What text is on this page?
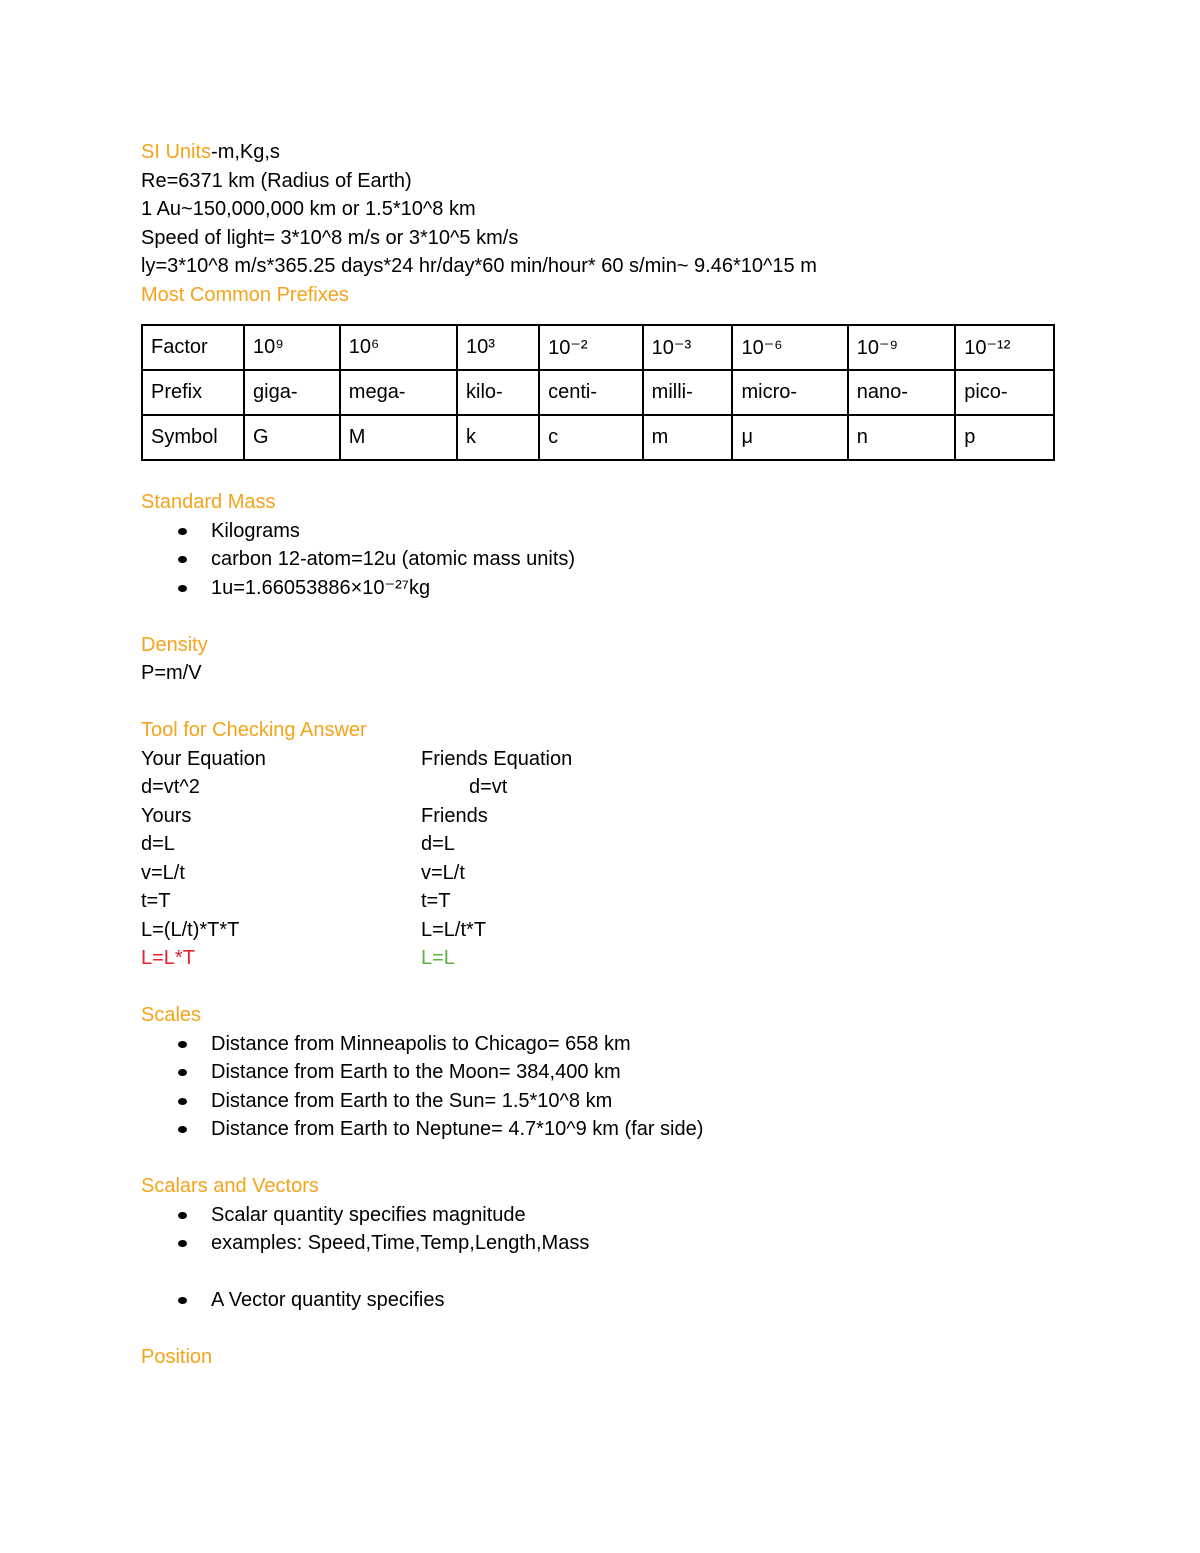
SI Units-m,Kg,s
Re=6371 km (Radius of Earth)
1 Au~150,000,000 km or 1.5*10^8 km
Speed of light= 3*10^8 m/s or 3*10^5 km/s
ly=3*10^8 m/s*365.25 days*24 hr/day*60 min/hour* 60 s/min~ 9.46*10^15 m
Most Common Prefixes
Factor	10⁹	10⁶	10³	10⁻²	10⁻³	10⁻⁶	10⁻⁹	10⁻¹²
Prefix	giga-	mega-	kilo-	centi-	milli-	micro-	nano-	pico-
Symbol	G	M	k	c	m	μ	n	p
Standard Mass
Kilograms
carbon 12-atom=12u (atomic mass units)
1u=1.66053886×10⁻²⁷kg
Density
P=m/V
Tool for Checking Answer
Your Equation	Friends Equation
d=vt^2	d=vt
Yours	Friends
d=L	d=L
v=L/t	v=L/t
t=T	t=T
L=(L/t)*T*T	L=L/t*T
L=L*T	L=L
Scales
Distance from Minneapolis to Chicago= 658 km
Distance from Earth to the Moon= 384,400 km
Distance from Earth to the Sun= 1.5*10^8 km
Distance from Earth to Neptune= 4.7*10^9 km (far side)
Scalars and Vectors
Scalar quantity specifies magnitude
examples: Speed,Time,Temp,Length,Mass
A Vector quantity specifies
Position
